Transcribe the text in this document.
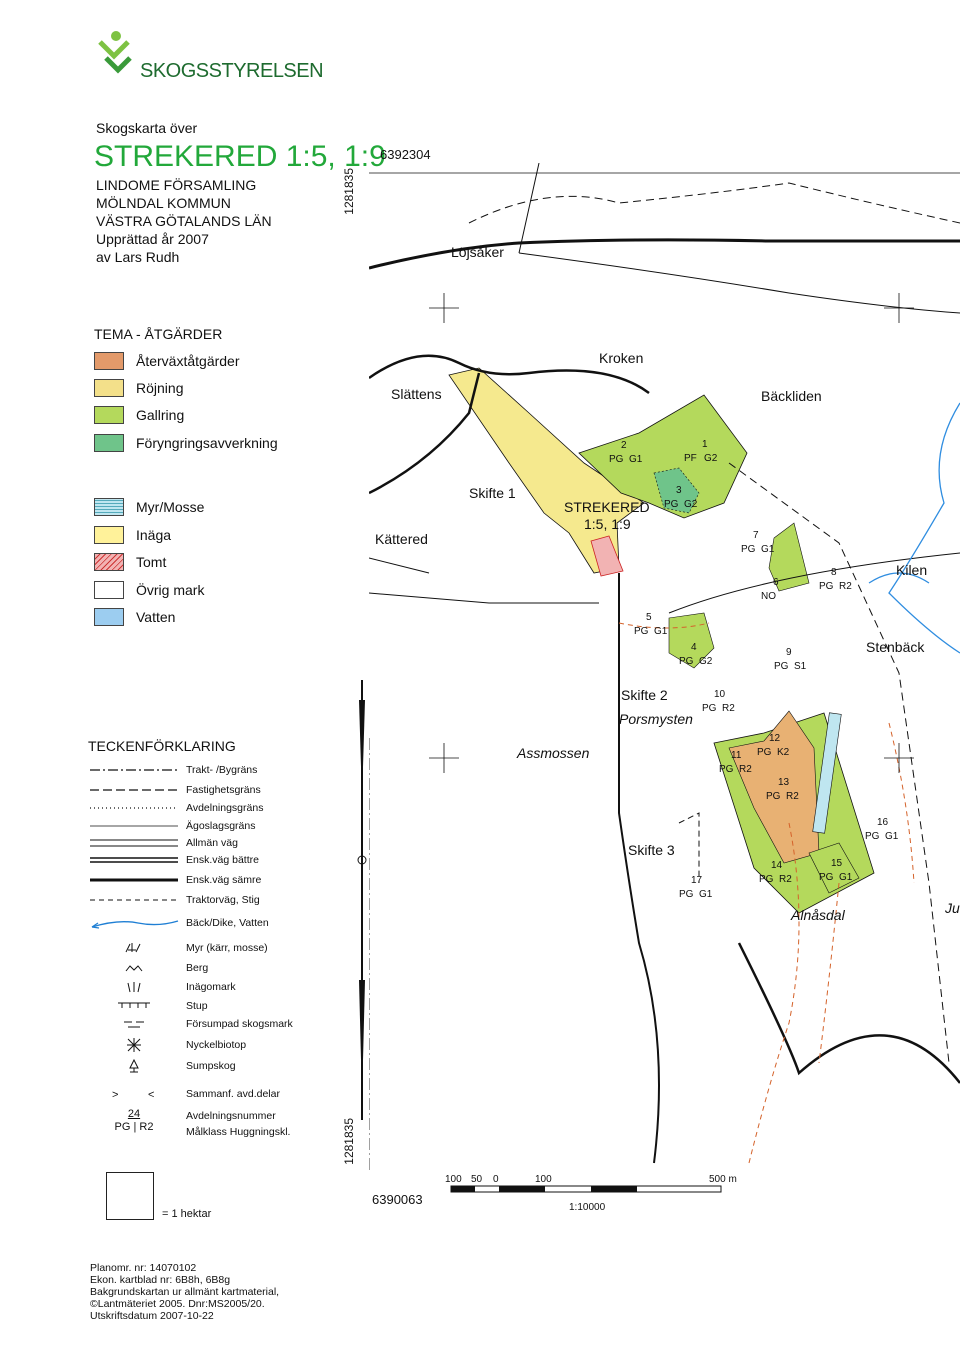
SKOGSSTYRELSEN
Skogskarta över
STREKERED 1:5, 1:9
LINDOME FÖRSAMLING
MÖLNDAL KOMMUN
VÄSTRA GÖTALANDS LÄN
Upprättad år 2007
av Lars Rudh
TEMA - ÅTGÄRDER
Återväxtåtgärder
Röjning
Gallring
Föryngringsavverkning
Myr/Mosse
Inäga
Tomt
Övrig mark
Vatten
TECKENFÖRKLARING
Trakt- /Bygräns
Fastighetsgräns
Avdelningsgräns
Ägoslagsgräns
Allmän väg
Ensk.väg bättre
Ensk.väg sämre
Traktorväg, Stig
Bäck/Dike, Vatten
Myr (kärr, mosse)
Berg
Inägomark
Stup
Försumpad skogsmark
Nyckelbiotop
Sumpskog
>	<	Sammanf. avd.delar
24
PG | R2
Avdelningsnummer
Målklass Huggningskl.
= 1 hektar
Planomr. nr: 14070102
Ekon. kartblad nr: 6B8h, 6B8g
Bakgrundskartan ur allmänt kartmaterial,
©Lantmäteriet 2005. Dnr:MS2005/20.
Utskriftsdatum 2007-10-22
6392304
1281835
1281835
6390063
Löjsåker
Kroken
Slättens	Bäckliden
Kättered
Skifte 1
STREKERED
1:5, 1:9
Kilen
Stenbäck
Skifte 2
Porsmysten
Assmossen
Skifte 3
Alnåsdal	Ju
1
PF G2
2
PG G1
3
PG G2
4
PG G2
5
PG G1
6
NO
7
PG G1
8
PG R2
9
PG S1
10
PG R2
11
PG R2
12
PG K2
13
PG R2
14
PG R2
15
PG G1
16
PG G1
17
PG G1
100 50 0	100	500 m
1:10000
